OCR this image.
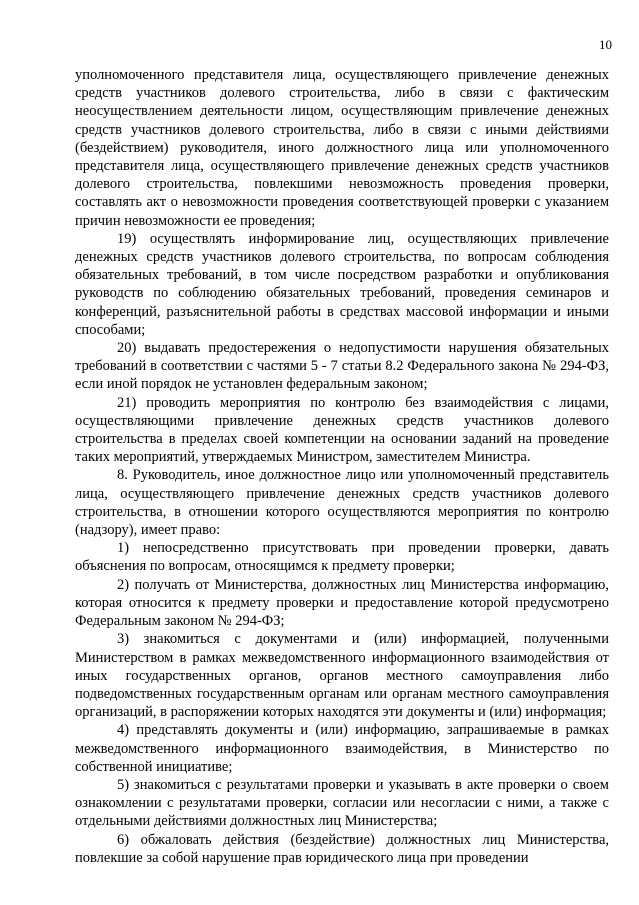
10

уполномоченного представителя лица, осуществляющего привлечение денежных средств участников долевого строительства, либо в связи с фактическим неосуществлением деятельности лицом, осуществляющим привлечение денежных средств участников долевого строительства, либо в связи с иными действиями (бездействием) руководителя, иного должностного лица или уполномоченного представителя лица, осуществляющего привлечение денежных средств участников долевого строительства, повлекшими невозможность проведения проверки, составлять акт о невозможности проведения соответствующей проверки с указанием причин невозможности ее проведения;

19) осуществлять информирование лиц, осуществляющих привлечение денежных средств участников долевого строительства, по вопросам соблюдения обязательных требований, в том числе посредством разработки и опубликования руководств по соблюдению обязательных требований, проведения семинаров и конференций, разъяснительной работы в средствах массовой информации и иными способами;

20) выдавать предостережения о недопустимости нарушения обязательных требований в соответствии с частями 5 - 7 статьи 8.2 Федерального закона № 294-ФЗ, если иной порядок не установлен федеральным законом;

21) проводить мероприятия по контролю без взаимодействия с лицами, осуществляющими привлечение денежных средств участников долевого строительства в пределах своей компетенции на основании заданий на проведение таких мероприятий, утверждаемых Министром, заместителем Министра.

8. Руководитель, иное должностное лицо или уполномоченный представитель лица, осуществляющего привлечение денежных средств участников долевого строительства, в отношении которого осуществляются мероприятия по контролю (надзору), имеет право:

1) непосредственно присутствовать при проведении проверки, давать объяснения по вопросам, относящимся к предмету проверки;

2) получать от Министерства, должностных лиц Министерства информацию, которая относится к предмету проверки и предоставление которой предусмотрено Федеральным законом № 294-ФЗ;

3) знакомиться с документами и (или) информацией, полученными Министерством в рамках межведомственного информационного взаимодействия от иных государственных органов, органов местного самоуправления либо подведомственных государственным органам или органам местного самоуправления организаций, в распоряжении которых находятся эти документы и (или) информация;

4) представлять документы и (или) информацию, запрашиваемые в рамках межведомственного информационного взаимодействия, в Министерство по собственной инициативе;

5) знакомиться с результатами проверки и указывать в акте проверки о своем ознакомлении с результатами проверки, согласии или несогласии с ними, а также с отдельными действиями должностных лиц Министерства;

6) обжаловать действия (бездействие) должностных лиц Министерства, повлекшие за собой нарушение прав юридического лица при проведении
